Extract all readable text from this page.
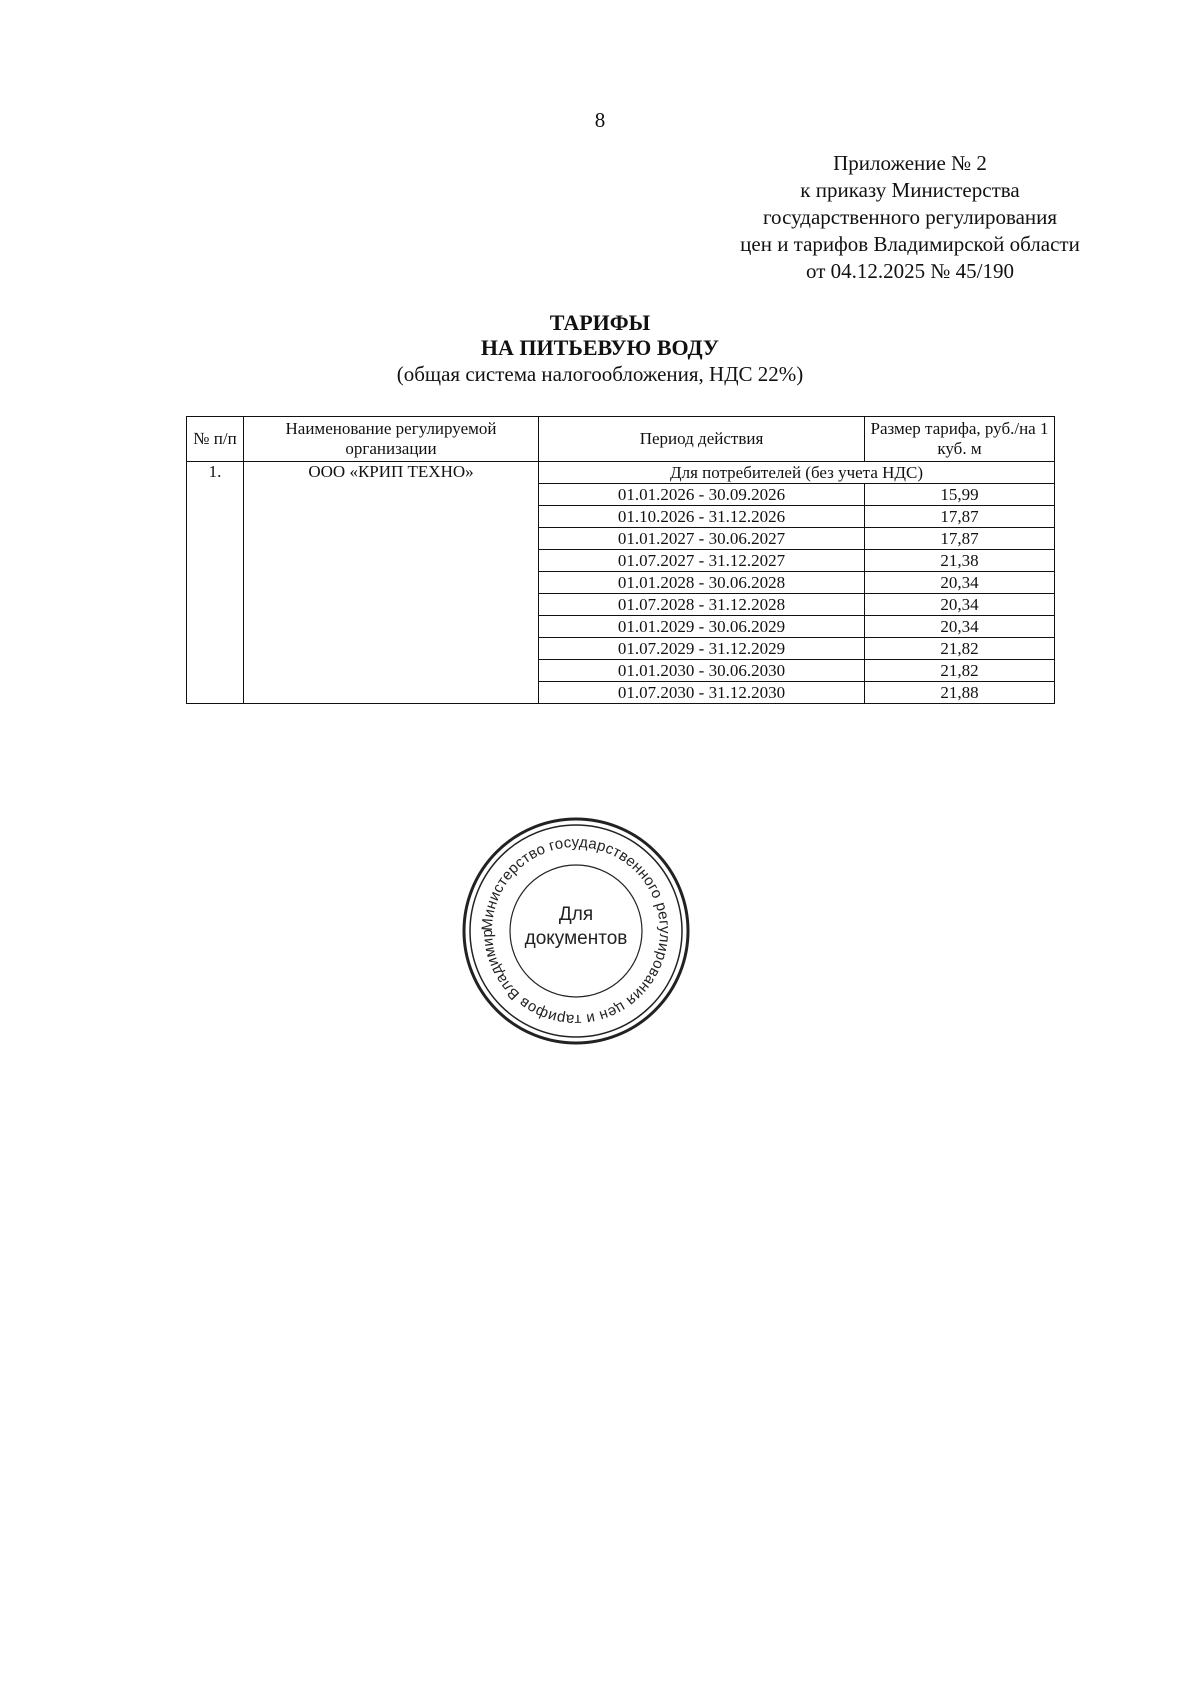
8
Приложение № 2
к приказу Министерства
государственного регулирования
цен и тарифов Владимирской области
от 04.12.2025 № 45/190
ТАРИФЫ
НА ПИТЬЕВУЮ ВОДУ
(общая система налогообложения, НДС 22%)
№ п/п	Наименование регулируемой организации	Период действия	Размер тарифа, руб./на 1 куб. м
1.	ООО «КРИП ТЕХНО»	Для потребителей (без учета НДС)	
		01.01.2026 - 30.09.2026	15,99
		01.10.2026 - 31.12.2026	17,87
		01.01.2027 - 30.06.2027	17,87
		01.07.2027 - 31.12.2027	21,38
		01.01.2028 - 30.06.2028	20,34
		01.07.2028 - 31.12.2028	20,34
		01.01.2029 - 30.06.2029	20,34
		01.07.2029 - 31.12.2029	21,82
		01.01.2030 - 30.06.2030	21,82
		01.07.2030 - 31.12.2030	21,88
Министерство государственного регулирования цен и тарифов Владимир
Для
документов
